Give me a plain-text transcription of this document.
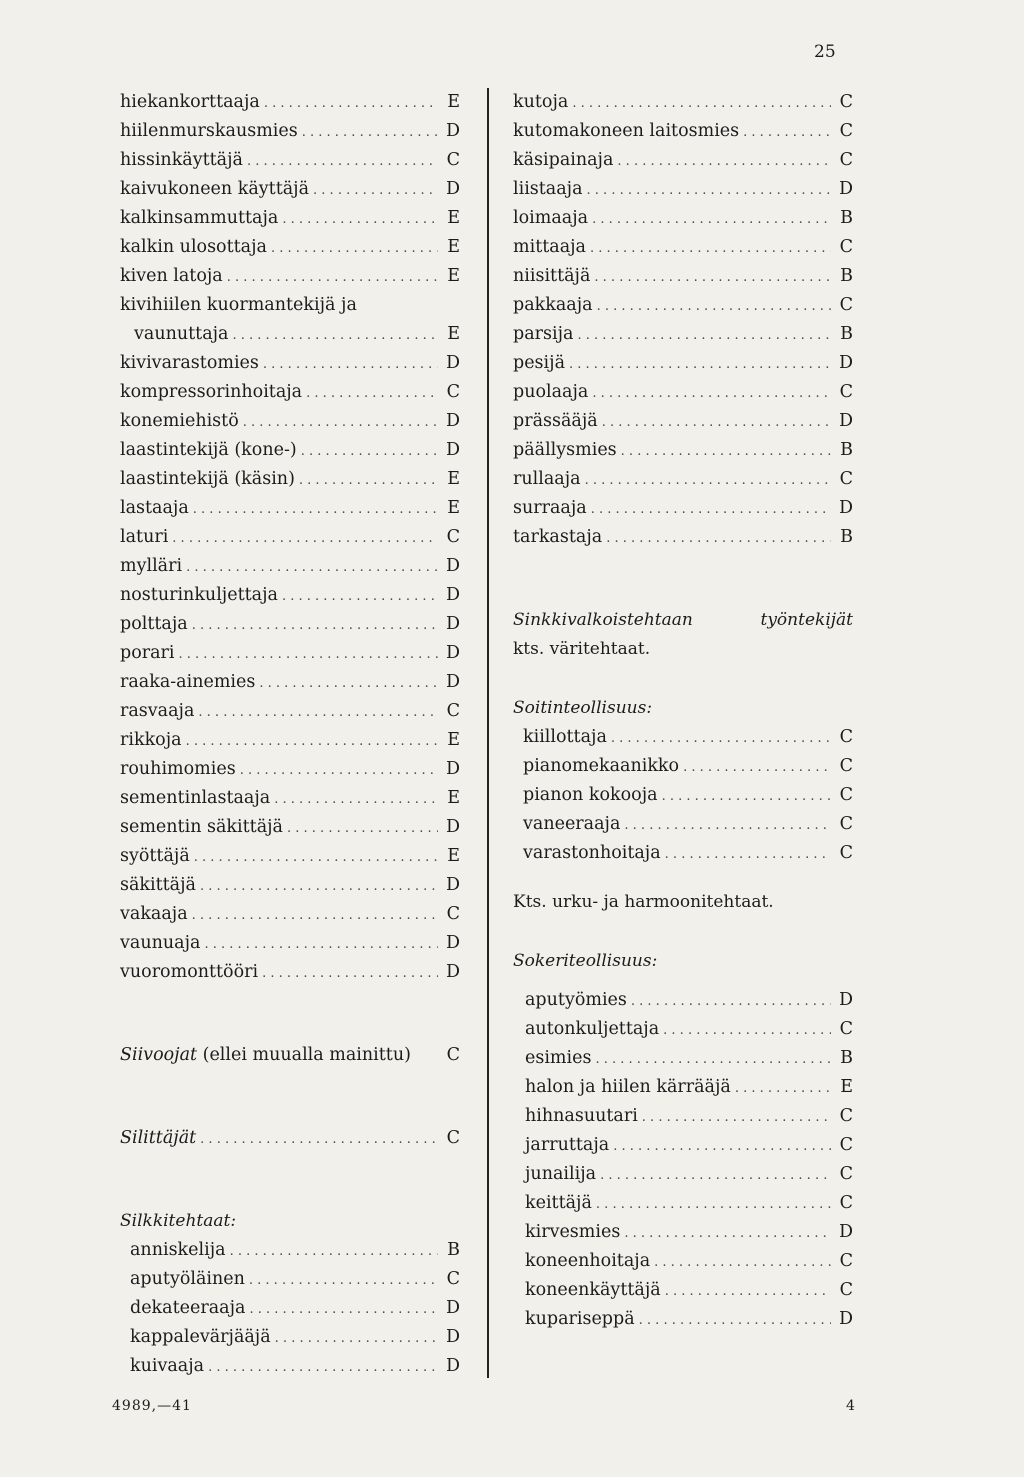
25
hiekankorttaaja . . .	E
hiilenmurskausmies . . .	D
hissinkäyttäjä . . .	C
kaivukoneen käyttäjä . . .	D
kalkinsammuttaja . . .	E
kalkin ulosottaja . . .	E
kiven latoja . . .	E
kivihiilen kuormantekijä ja
vaunuttaja . . .	E
kivivarastomies . . .	D
kompressorinhoitaja . . .	C
konemiehistö . . .	D
laastintekijä (kone-) . . .	D
laastintekijä (käsin) . . .	E
lastaaja . . .	E
laturi . . .	C
mylläri . . .	D
nosturinkuljettaja . . .	D
polttaja . . .	D
porari . . .	D
raaka-ainemies . . .	D
rasvaaja . . .	C
rikkoja . . .	E
rouhimomies . . .	D
sementinlastaaja . . .	E
sementin säkittäjä . . .	D
syöttäjä . . .	E
säkittäjä . . .	D
vakaaja . . .	C
vaunuaja . . .	D
vuoromonttööri . . .	D
Siivoojat (ellei muualla mainittu)	C
Silittäjät . . .	C
Silkkitehtaat:
anniskelija . . .	B
aputyöläinen . . .	C
dekateeraaja . . .	D
kappalevärjääjä . . .	D
kuivaaja . . .	D
kutoja . . .	C
kutomakoneen laitosmies . . .	C
käsipainaja . . .	C
liistaaja . . .	D
loimaaja . . .	B
mittaaja . . .	C
niisittäjä . . .	B
pakkaaja . . .	C
parsija . . .	B
pesijä . . .	D
puolaaja . . .	C
prässääjä . . .	D
päällysmies . . .	B
rullaaja . . .	C
surraaja . . .	D
tarkastaja . . .	B
Sinkkivalkoistehtaan	työntekijät
kts. väritehtaat.
Soitinteollisuus:
kiillottaja . . .	C
pianomekaanikko . . .	C
pianon kokooja . . .	C
vaneeraaja . . .	C
varastonhoitaja . . .	C
Kts. urku- ja harmoonitehtaat.
Sokeriteollisuus:
aputyömies . . .	D
autonkuljettaja . . .	C
esimies . . .	B
halon ja hiilen kärrääjä . . .	E
hihnasuutari . . .	C
jarruttaja . . .	C
junailija . . .	C
keittäjä . . .	C
kirvesmies . . .	D
koneenhoitaja . . .	C
koneenkäyttäjä . . .	C
kupariseppä . . .	D
4989,—41	4
